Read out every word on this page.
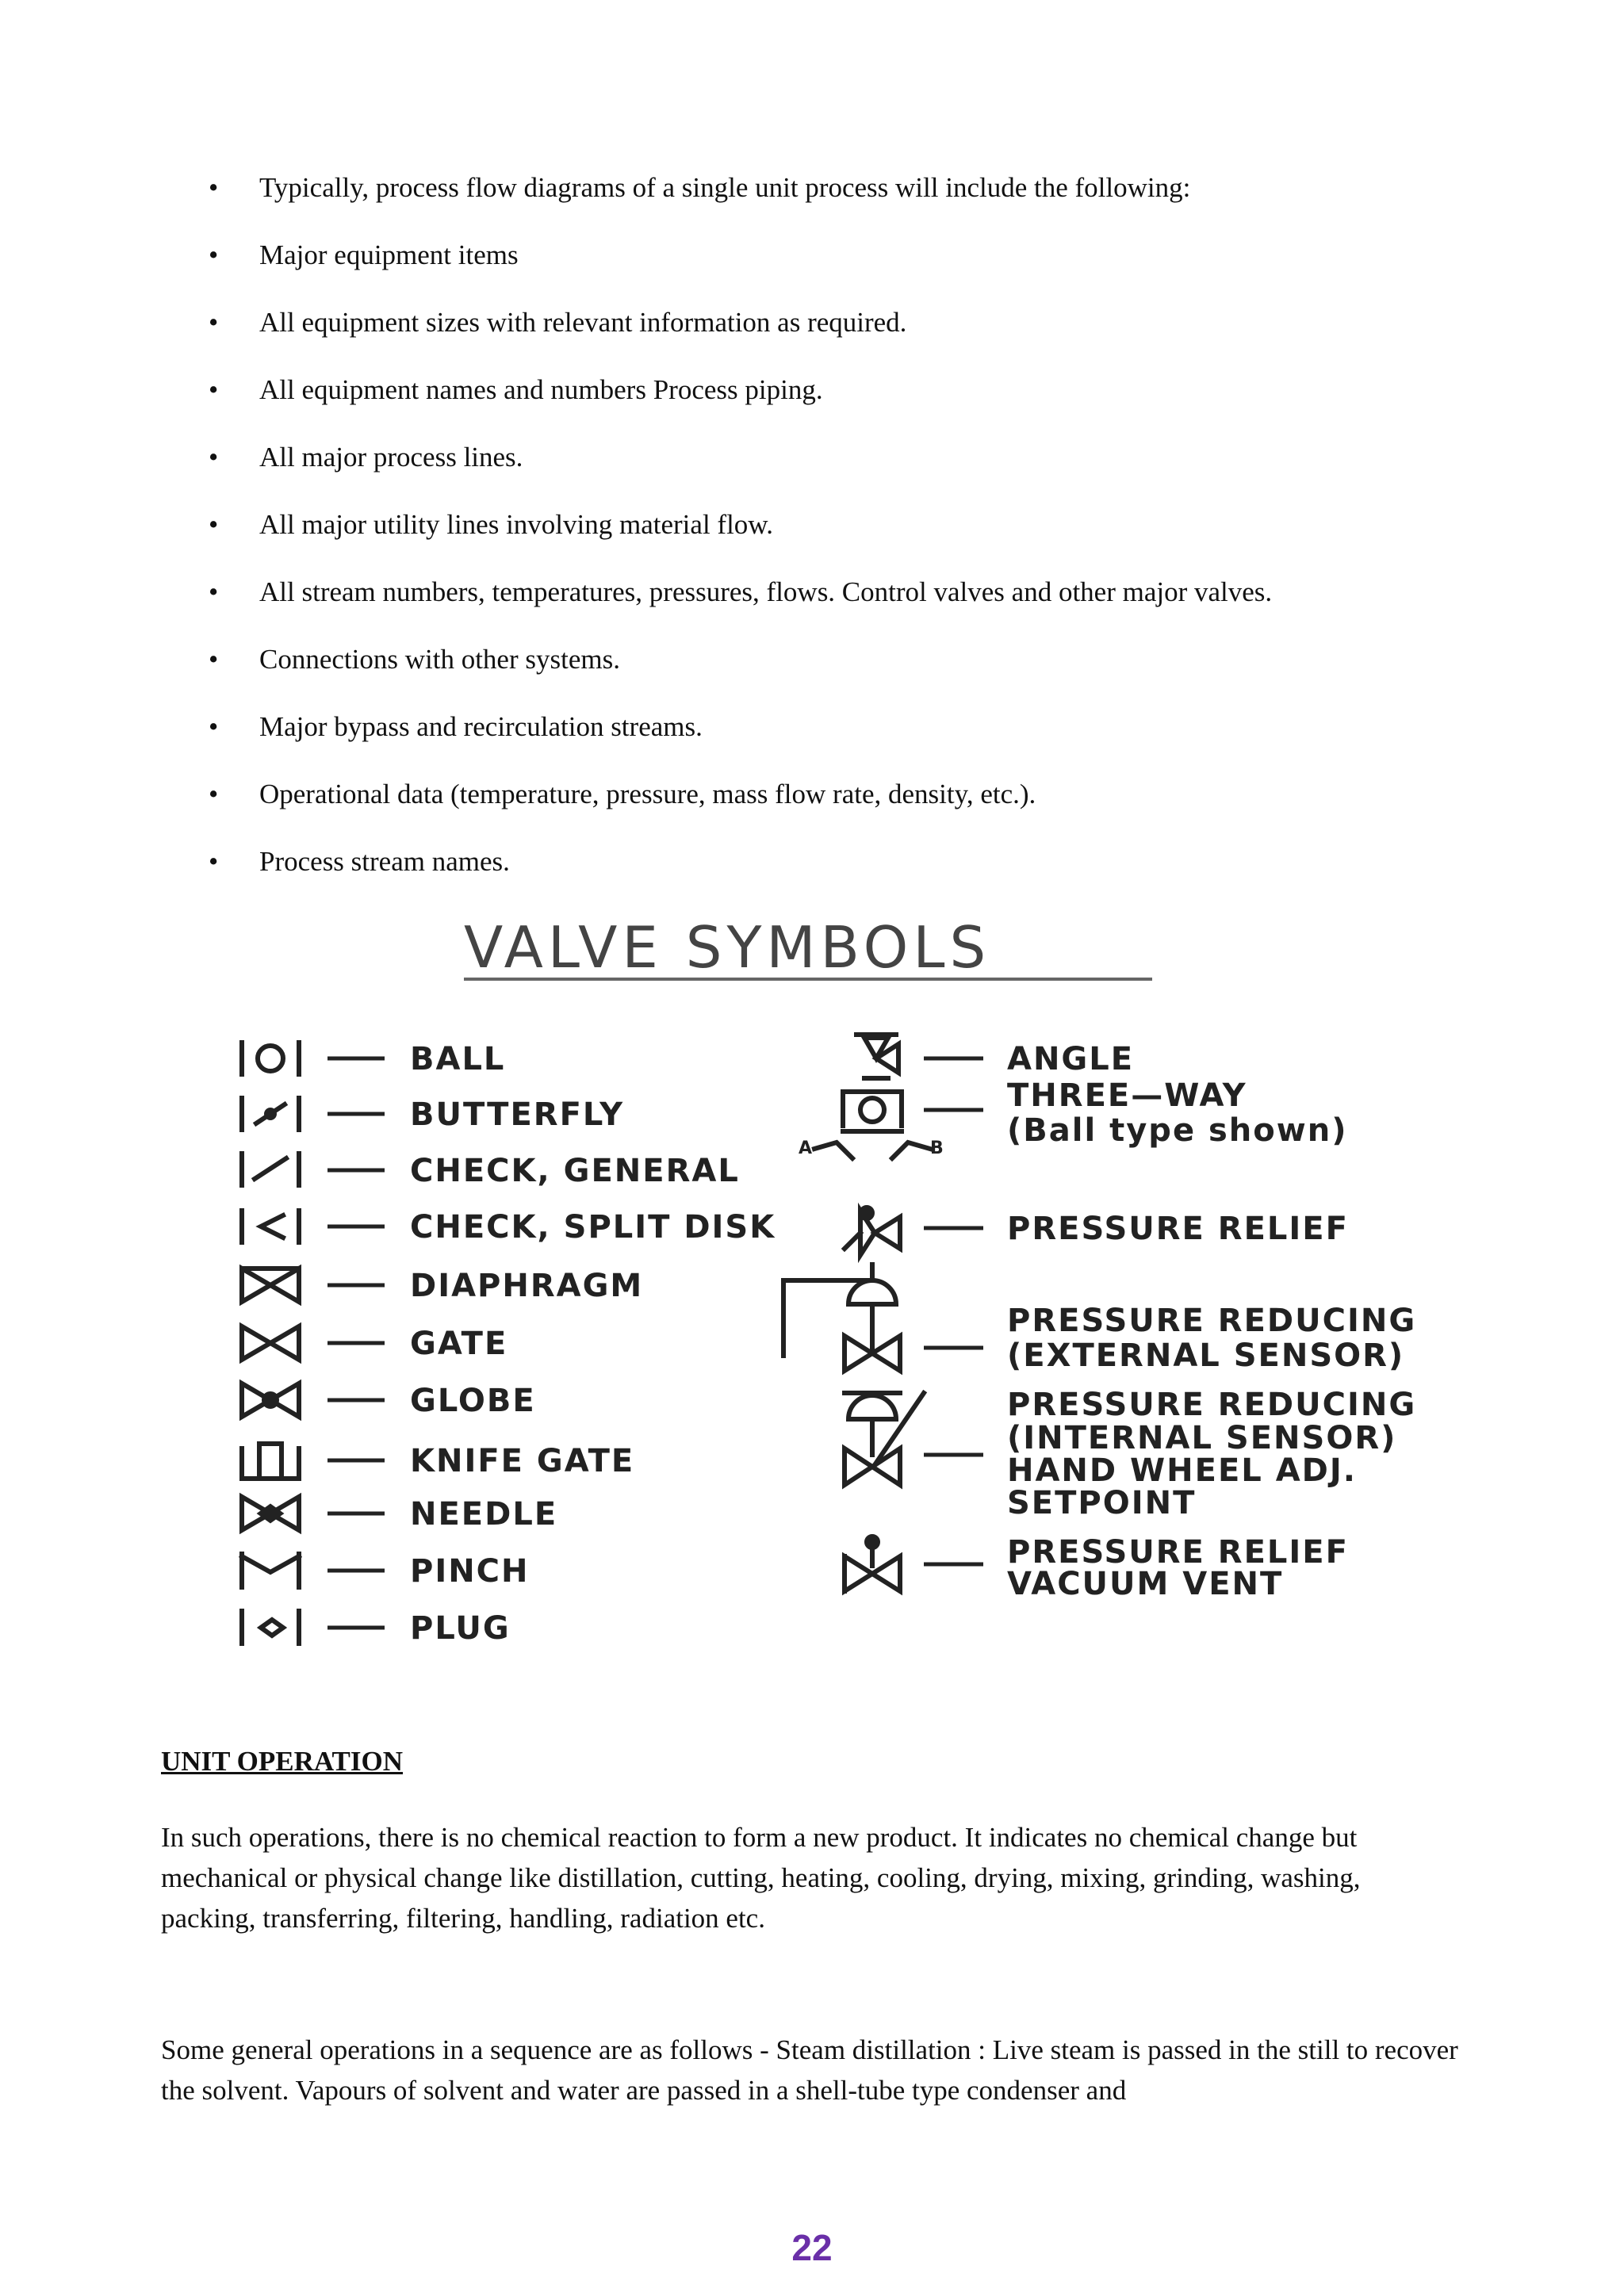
• Typically, process flow diagrams of a single unit process will include the following:
• Major equipment items
• All equipment sizes with relevant information as required.
• All equipment names and numbers Process piping.
• All major process lines.
• All major utility lines involving material flow.
• All stream numbers, temperatures, pressures, flows. Control valves and other major valves.
• Connections with other systems.
• Major bypass and recirculation streams.
• Operational data (temperature, pressure, mass flow rate, density, etc.).
• Process stream names.
VALVE SYMBOLS
BALL
BUTTERFLY
CHECK, GENERAL
CHECK, SPLIT DISK
DIAPHRAGM
GATE
GLOBE
KNIFE GATE
NEEDLE
PINCH
PLUG
A	B
ANGLE
THREE—WAY
(Ball type shown)
PRESSURE RELIEF
PRESSURE REDUCING
(EXTERNAL SENSOR)
PRESSURE REDUCING
(INTERNAL SENSOR)
HAND WHEEL ADJ.
SETPOINT
PRESSURE RELIEF
VACUUM VENT
UNIT OPERATION

In such operations, there is no chemical reaction to form a new product. It indicates no chemical change but mechanical or physical change like distillation, cutting, heating, cooling, drying, mixing, grinding, washing, packing, transferring, filtering, handling, radiation etc.

Some general operations in a sequence are as follows - Steam distillation : Live steam is passed in the still to recover the solvent. Vapours of solvent and water are passed in a shell-tube type condenser and

22
